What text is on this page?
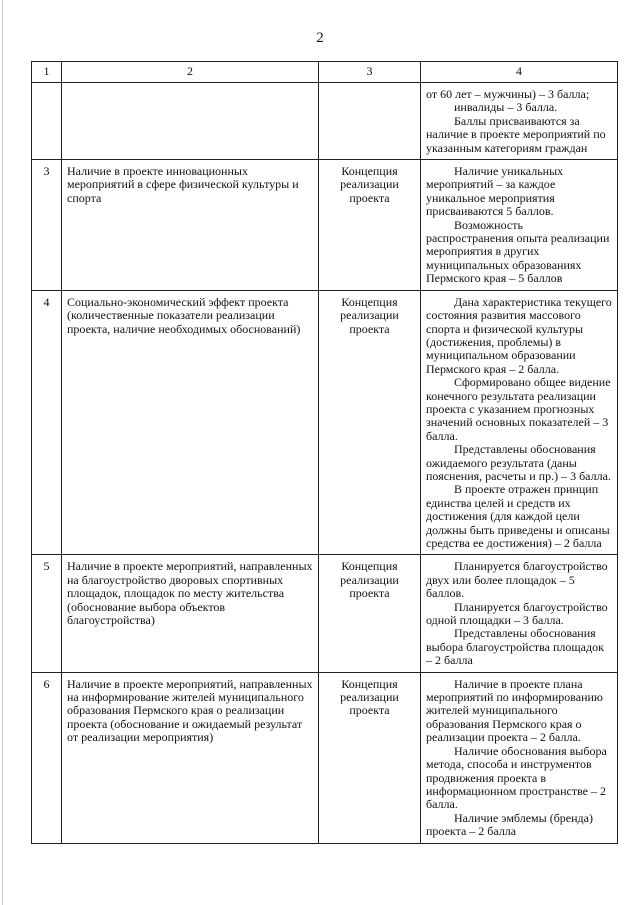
2
1	2	3	4

			от 60 лет – мужчины) – 3 балла;
инвалиды – 3 балла.
Баллы присваиваются за наличие в проекте мероприятий по указанным категориям граждан

3	Наличие в проекте инновационных мероприятий в сфере физической культуры и спорта	Концепция реализации проекта	Наличие уникальных мероприятий – за каждое уникальное мероприятия присваиваются 5 баллов.
Возможность распространения опыта реализации мероприятия в других муниципальных образованиях Пермского края – 5 баллов

4	Социально-экономический эффект проекта (количественные показатели реализации проекта, наличие необходимых обоснований)	Концепция реализации проекта	Дана характеристика текущего состояния развития массового спорта и физической культуры (достижения, проблемы) в муниципальном образовании Пермского края – 2 балла.
Сформировано общее видение конечного результата реализации проекта с указанием прогнозных значений основных показателей – 3 балла.
Представлены обоснования ожидаемого результата (даны пояснения, расчеты и пр.) – 3 балла.
В проекте отражен принцип единства целей и средств их достижения (для каждой цели должны быть приведены и описаны средства ее достижения) – 2 балла

5	Наличие в проекте мероприятий, направленных на благоустройство дворовых спортивных площадок, площадок по месту жительства (обоснование выбора объектов благоустройства)	Концепция реализации проекта	Планируется благоустройство двух или более площадок – 5 баллов.
Планируется благоустройство одной площадки – 3 балла.
Представлены обоснования выбора благоустройства площадок – 2 балла

6	Наличие в проекте мероприятий, направленных на информирование жителей муниципального образования Пермского края о реализации проекта (обоснование и ожидаемый результат от реализации мероприятия)	Концепция реализации проекта	Наличие в проекте плана мероприятий по информированию жителей муниципального образования Пермского края о реализации проекта – 2 балла.
Наличие обоснования выбора метода, способа и инструментов продвижения проекта в информационном пространстве – 2 балла.
Наличие эмблемы (бренда) проекта – 2 балла
